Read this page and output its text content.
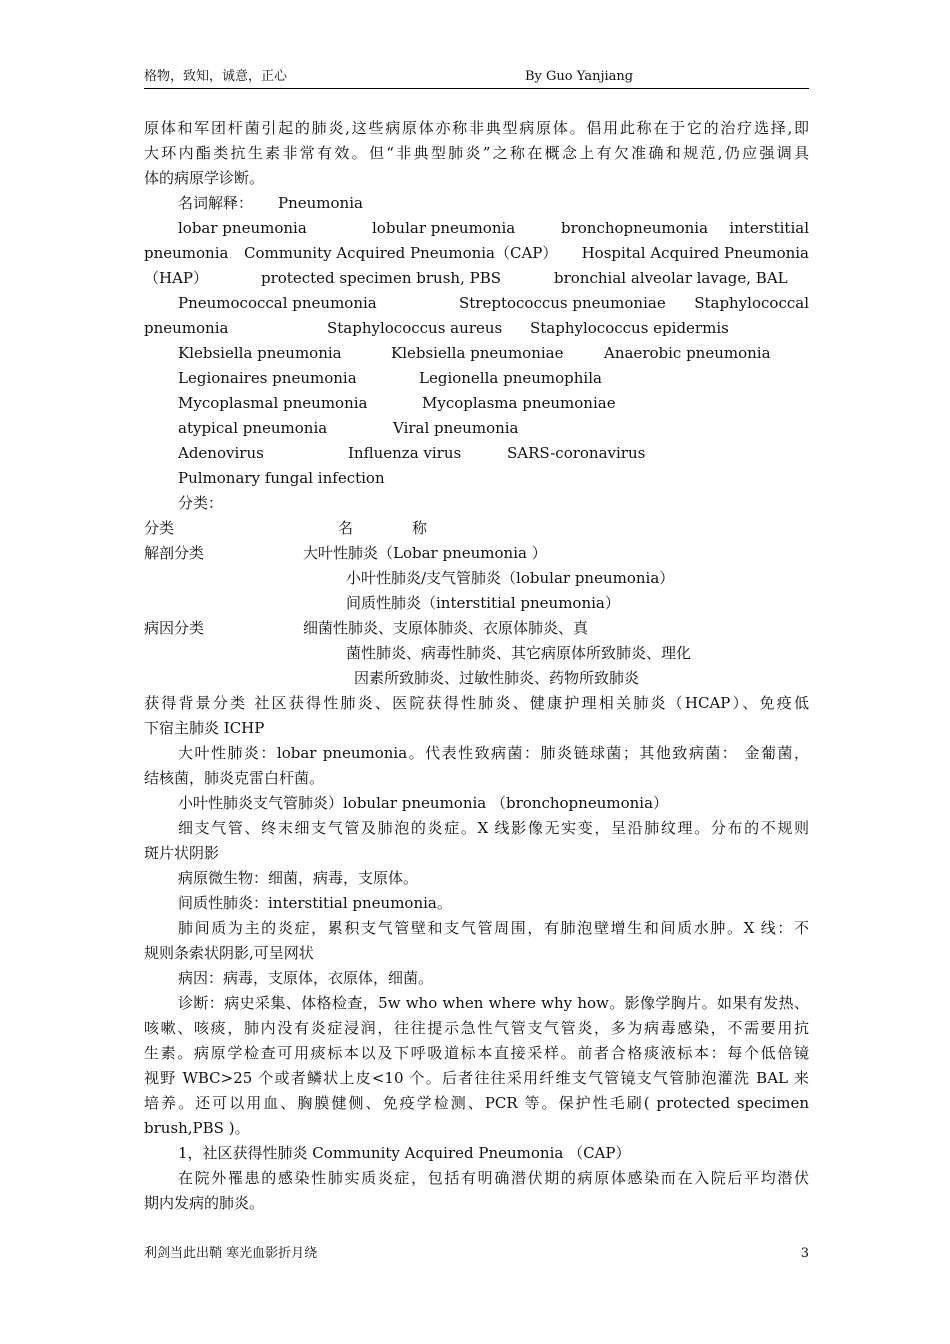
格物，致知，诚意，正心	By Guo Yanjiang
原体和军团杆菌引起的肺炎,这些病原体亦称非典型病原体。倡用此称在于它的治疗选择,即
大环内酯类抗生素非常有效。但“非典型肺炎”之称在概念上有欠准确和规范,仍应强调具
体的病原学诊断。
名词解释： Pneumonia
lobar pneumonia	lobular pneumonia	bronchopneumonia interstitial
pneumonia Community Acquired Pneumonia（CAP） Hospital Acquired Pneumonia
（HAP）	protected specimen brush, PBS	bronchial alveolar lavage, BAL
Pneumococcal pneumonia	Streptococcus pneumoniae Staphylococcal
pneumonia	Staphylococcus aureus Staphylococcus epidermis
Klebsiella pneumonia	Klebsiella pneumoniae	Anaerobic pneumonia
Legionaires pneumonia	Legionella pneumophila
Mycoplasmal pneumonia	Mycoplasma pneumoniae
atypical pneumonia	Viral pneumonia
Adenovirus	Influenza virus	SARS-coronavirus
Pulmonary fungal infection
分类：
分类	名	称
解剖分类	大叶性肺炎（Lobar pneumonia ）
小叶性肺炎/支气管肺炎（lobular pneumonia）
间质性肺炎（interstitial pneumonia）
病因分类	细菌性肺炎、支原体肺炎、衣原体肺炎、真
菌性肺炎、病毒性肺炎、其它病原体所致肺炎、理化
因素所致肺炎、过敏性肺炎、药物所致肺炎
获得背景分类 社区获得性肺炎、医院获得性肺炎、健康护理相关肺炎（HCAP）、免疫低
下宿主肺炎 ICHP
大叶性肺炎：lobar pneumonia。代表性致病菌：肺炎链球菌；其他致病菌： 金葡菌，
结核菌，肺炎克雷白杆菌。
小叶性肺炎支气管肺炎）lobular pneumonia （bronchopneumonia）
细支气管、终末细支气管及肺泡的炎症。X 线影像无实变，呈沿肺纹理。分布的不规则
斑片状阴影
病原微生物：细菌，病毒，支原体。
间质性肺炎：interstitial pneumonia。
肺间质为主的炎症，累积支气管壁和支气管周围，有肺泡壁增生和间质水肿。X 线：不
规则条索状阴影,可呈网状
病因：病毒，支原体，衣原体，细菌。
诊断：病史采集、体格检查，5w who when where why how。影像学胸片。如果有发热、
咳嗽、咳痰，肺内没有炎症浸润，往往提示急性气管支气管炎，多为病毒感染，不需要用抗
生素。病原学检查可用痰标本以及下呼吸道标本直接采样。前者合格痰液标本：每个低倍镜
视野 WBC>25 个或者鳞状上皮<10 个。后者往往采用纤维支气管镜支气管肺泡灌洗 BAL 来
培养。还可以用血、胸膜健侧、免疫学检测、PCR 等。保护性毛刷( protected specimen
brush,PBS )。
1，社区获得性肺炎 Community Acquired Pneumonia （CAP）
在院外罹患的感染性肺实质炎症，包括有明确潜伏期的病原体感染而在入院后平均潜伏
期内发病的肺炎。
利剑当此出鞘 寒光血影折月绕	3
